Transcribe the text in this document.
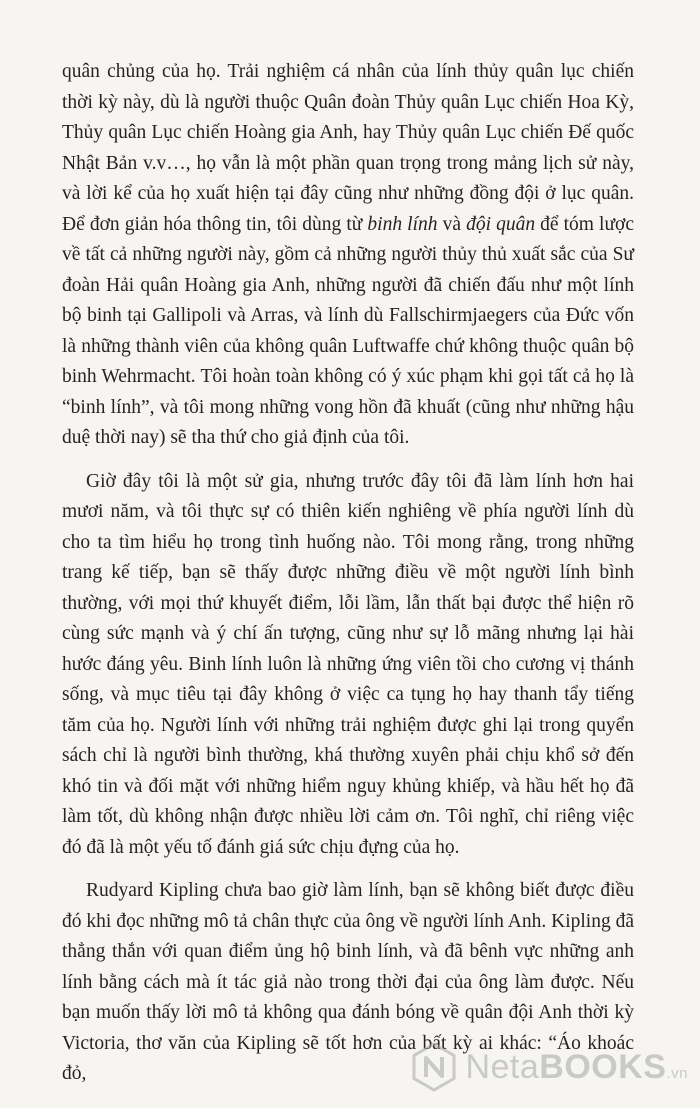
quân chủng của họ. Trải nghiệm cá nhân của lính thủy quân lục chiến thời kỳ này, dù là người thuộc Quân đoàn Thủy quân Lục chiến Hoa Kỳ, Thủy quân Lục chiến Hoàng gia Anh, hay Thủy quân Lục chiến Đế quốc Nhật Bản v.v…, họ vẫn là một phần quan trọng trong mảng lịch sử này, và lời kể của họ xuất hiện tại đây cũng như những đồng đội ở lục quân. Để đơn giản hóa thông tin, tôi dùng từ binh lính và đội quân để tóm lược về tất cả những người này, gồm cả những người thủy thủ xuất sắc của Sư đoàn Hải quân Hoàng gia Anh, những người đã chiến đấu như một lính bộ binh tại Gallipoli và Arras, và lính dù Fallschirmjaegers của Đức vốn là những thành viên của không quân Luftwaffe chứ không thuộc quân bộ binh Wehrmacht. Tôi hoàn toàn không có ý xúc phạm khi gọi tất cả họ là “binh lính”, và tôi mong những vong hồn đã khuất (cũng như những hậu duệ thời nay) sẽ tha thứ cho giả định của tôi.

Giờ đây tôi là một sử gia, nhưng trước đây tôi đã làm lính hơn hai mươi năm, và tôi thực sự có thiên kiến nghiêng về phía người lính dù cho ta tìm hiểu họ trong tình huống nào. Tôi mong rằng, trong những trang kế tiếp, bạn sẽ thấy được những điều về một người lính bình thường, với mọi thứ khuyết điểm, lỗi lầm, lẫn thất bại được thể hiện rõ cùng sức mạnh và ý chí ấn tượng, cũng như sự lỗ mãng nhưng lại hài hước đáng yêu. Binh lính luôn là những ứng viên tồi cho cương vị thánh sống, và mục tiêu tại đây không ở việc ca tụng họ hay thanh tẩy tiếng tăm của họ. Người lính với những trải nghiệm được ghi lại trong quyển sách chỉ là người bình thường, khá thường xuyên phải chịu khổ sở đến khó tin và đối mặt với những hiểm nguy khủng khiếp, và hầu hết họ đã làm tốt, dù không nhận được nhiều lời cảm ơn. Tôi nghĩ, chỉ riêng việc đó đã là một yếu tố đánh giá sức chịu đựng của họ.

Rudyard Kipling chưa bao giờ làm lính, bạn sẽ không biết được điều đó khi đọc những mô tả chân thực của ông về người lính Anh. Kipling đã thẳng thắn với quan điểm ủng hộ binh lính, và đã bênh vực những anh lính bằng cách mà ít tác giả nào trong thời đại của ông làm được. Nếu bạn muốn thấy lời mô tả không qua đánh bóng về quân đội Anh thời kỳ Victoria, thơ văn của Kipling sẽ tốt hơn của bất kỳ ai khác: “Áo khoác đỏ,	NetaBOOKS.vn
